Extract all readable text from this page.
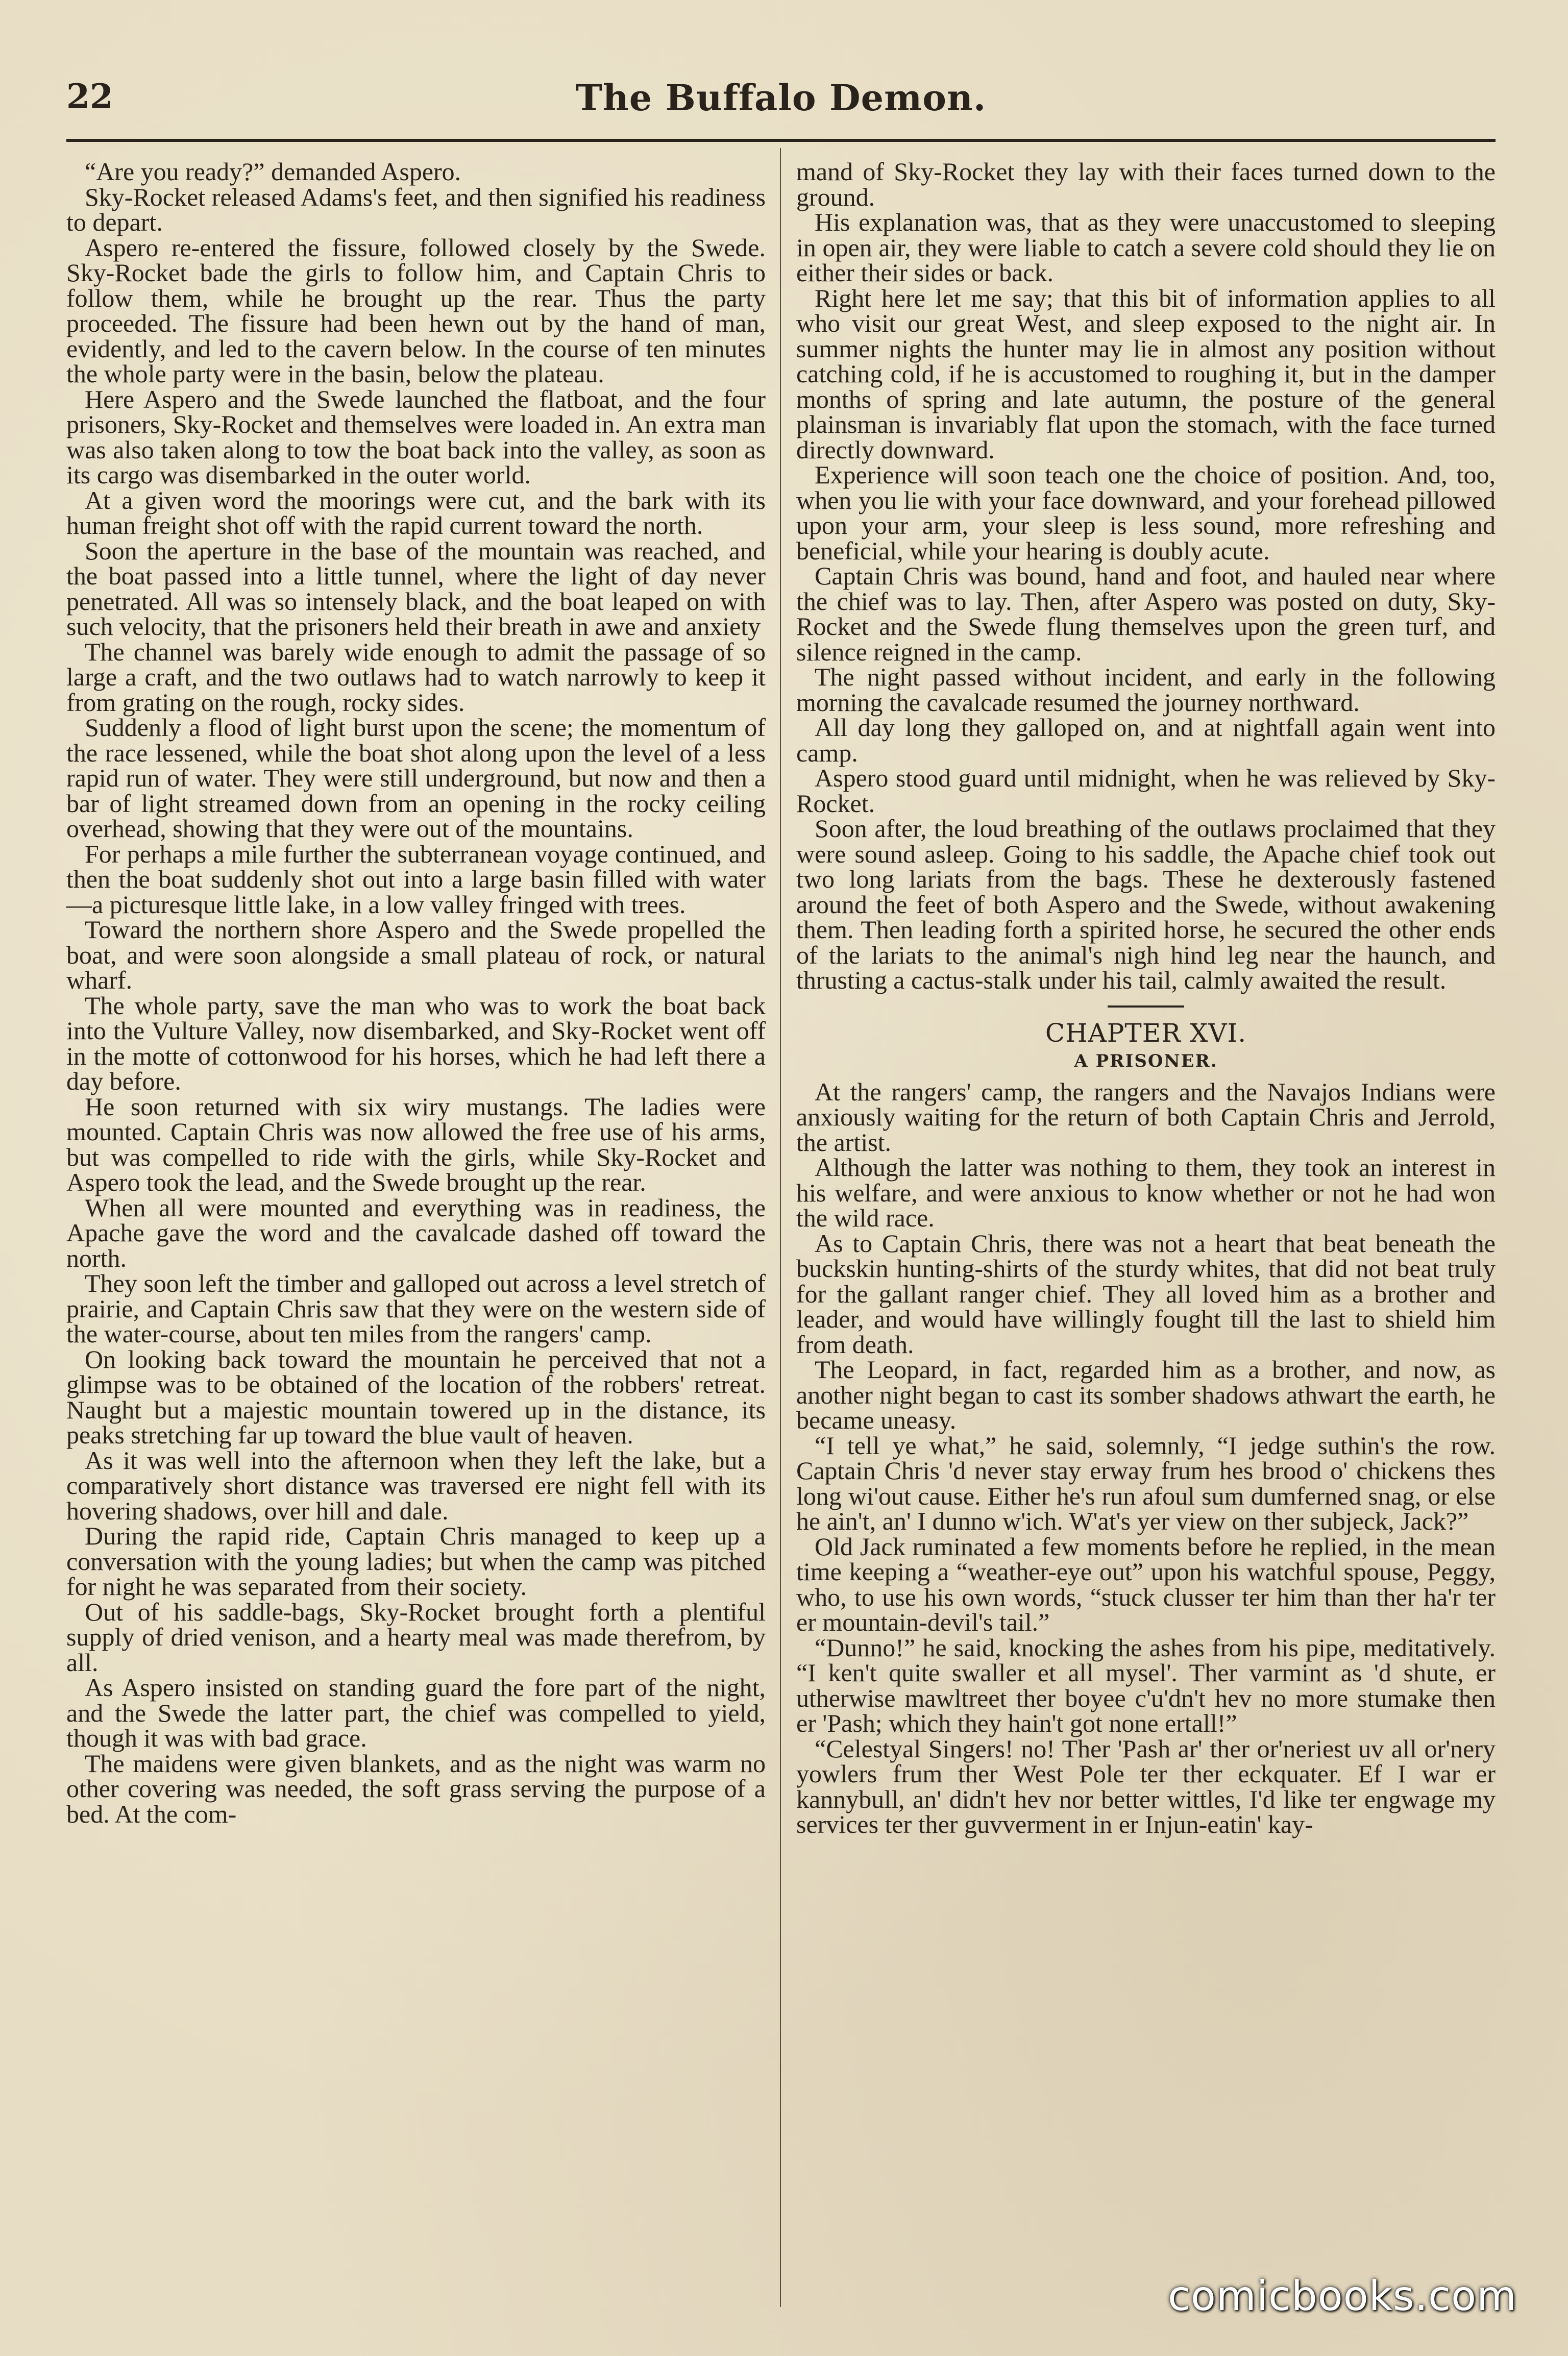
22	The Buffalo Demon.

“Are you ready?” demanded Aspero.

Sky-Rocket released Adams's feet, and then signified his readiness to depart.

Aspero re-entered the fissure, followed closely by the Swede. Sky-Rocket bade the girls to follow him, and Captain Chris to follow them, while he brought up the rear. Thus the party proceeded. The fissure had been hewn out by the hand of man, evidently, and led to the cavern below. In the course of ten minutes the whole party were in the basin, below the plateau.

Here Aspero and the Swede launched the flatboat, and the four prisoners, Sky-Rocket and themselves were loaded in. An extra man was also taken along to tow the boat back into the valley, as soon as its cargo was disembarked in the outer world.

At a given word the moorings were cut, and the bark with its human freight shot off with the rapid current toward the north.

Soon the aperture in the base of the mountain was reached, and the boat passed into a little tunnel, where the light of day never penetrated. All was so intensely black, and the boat leaped on with such velocity, that the prisoners held their breath in awe and anxiety

The channel was barely wide enough to admit the passage of so large a craft, and the two outlaws had to watch narrowly to keep it from grating on the rough, rocky sides.

Suddenly a flood of light burst upon the scene; the momentum of the race lessened, while the boat shot along upon the level of a less rapid run of water. They were still underground, but now and then a bar of light streamed down from an opening in the rocky ceiling overhead, showing that they were out of the mountains.

For perhaps a mile further the subterranean voyage continued, and then the boat suddenly shot out into a large basin filled with water—a picturesque little lake, in a low valley fringed with trees.

Toward the northern shore Aspero and the Swede propelled the boat, and were soon alongside a small plateau of rock, or natural wharf.

The whole party, save the man who was to work the boat back into the Vulture Valley, now disembarked, and Sky-Rocket went off in the motte of cottonwood for his horses, which he had left there a day before.

He soon returned with six wiry mustangs. The ladies were mounted. Captain Chris was now allowed the free use of his arms, but was compelled to ride with the girls, while Sky-Rocket and Aspero took the lead, and the Swede brought up the rear.

When all were mounted and everything was in readiness, the Apache gave the word and the cavalcade dashed off toward the north.

They soon left the timber and galloped out across a level stretch of prairie, and Captain Chris saw that they were on the western side of the water-course, about ten miles from the rangers' camp.

On looking back toward the mountain he perceived that not a glimpse was to be obtained of the location of the robbers' retreat. Naught but a majestic mountain towered up in the distance, its peaks stretching far up toward the blue vault of heaven.

As it was well into the afternoon when they left the lake, but a comparatively short distance was traversed ere night fell with its hovering shadows, over hill and dale.

During the rapid ride, Captain Chris managed to keep up a conversation with the young ladies; but when the camp was pitched for night he was separated from their society.

Out of his saddle-bags, Sky-Rocket brought forth a plentiful supply of dried venison, and a hearty meal was made therefrom, by all.

As Aspero insisted on standing guard the fore part of the night, and the Swede the latter part, the chief was compelled to yield, though it was with bad grace.

The maidens were given blankets, and as the night was warm no other covering was needed, the soft grass serving the purpose of a bed. At the com-

mand of Sky-Rocket they lay with their faces turned down to the ground.

His explanation was, that as they were unaccustomed to sleeping in open air, they were liable to catch a severe cold should they lie on either their sides or back.

Right here let me say; that this bit of information applies to all who visit our great West, and sleep exposed to the night air. In summer nights the hunter may lie in almost any position without catching cold, if he is accustomed to roughing it, but in the damper months of spring and late autumn, the posture of the general plainsman is invariably flat upon the stomach, with the face turned directly downward.

Experience will soon teach one the choice of position. And, too, when you lie with your face downward, and your forehead pillowed upon your arm, your sleep is less sound, more refreshing and beneficial, while your hearing is doubly acute.

Captain Chris was bound, hand and foot, and hauled near where the chief was to lay. Then, after Aspero was posted on duty, Sky-Rocket and the Swede flung themselves upon the green turf, and silence reigned in the camp.

The night passed without incident, and early in the following morning the cavalcade resumed the journey northward.

All day long they galloped on, and at nightfall again went into camp.

Aspero stood guard until midnight, when he was relieved by Sky-Rocket.

Soon after, the loud breathing of the outlaws proclaimed that they were sound asleep. Going to his saddle, the Apache chief took out two long lariats from the bags. These he dexterously fastened around the feet of both Aspero and the Swede, without awakening them. Then leading forth a spirited horse, he secured the other ends of the lariats to the animal's nigh hind leg near the haunch, and thrusting a cactus-stalk under his tail, calmly awaited the result.

CHAPTER XVI.
A PRISONER.

At the rangers' camp, the rangers and the Navajos Indians were anxiously waiting for the return of both Captain Chris and Jerrold, the artist.

Although the latter was nothing to them, they took an interest in his welfare, and were anxious to know whether or not he had won the wild race.

As to Captain Chris, there was not a heart that beat beneath the buckskin hunting-shirts of the sturdy whites, that did not beat truly for the gallant ranger chief. They all loved him as a brother and leader, and would have willingly fought till the last to shield him from death.

The Leopard, in fact, regarded him as a brother, and now, as another night began to cast its somber shadows athwart the earth, he became uneasy.

“I tell ye what,” he said, solemnly, “I jedge suthin's the row. Captain Chris 'd never stay erway frum hes brood o' chickens thes long wi'out cause. Either he's run afoul sum dumferned snag, or else he ain't, an' I dunno w'ich. W'at's yer view on ther subjeck, Jack?”

Old Jack ruminated a few moments before he replied, in the mean time keeping a “weather-eye out” upon his watchful spouse, Peggy, who, to use his own words, “stuck clusser ter him than ther ha'r ter er mountain-devil's tail.”

“Dunno!” he said, knocking the ashes from his pipe, meditatively. “I ken't quite swaller et all mysel'. Ther varmint as 'd shute, er utherwise mawltreet ther boyee c'u'dn't hev no more stumake then er 'Pash; which they hain't got none ertall!”

“Celestyal Singers! no! Ther 'Pash ar' ther or'neriest uv all or'nery yowlers frum ther West Pole ter ther eckquater. Ef I war er kannybull, an' didn't hev nor better wittles, I'd like ter engwage my services ter ther guvverment in er Injun-eatin' kay-

comicbooks.com
